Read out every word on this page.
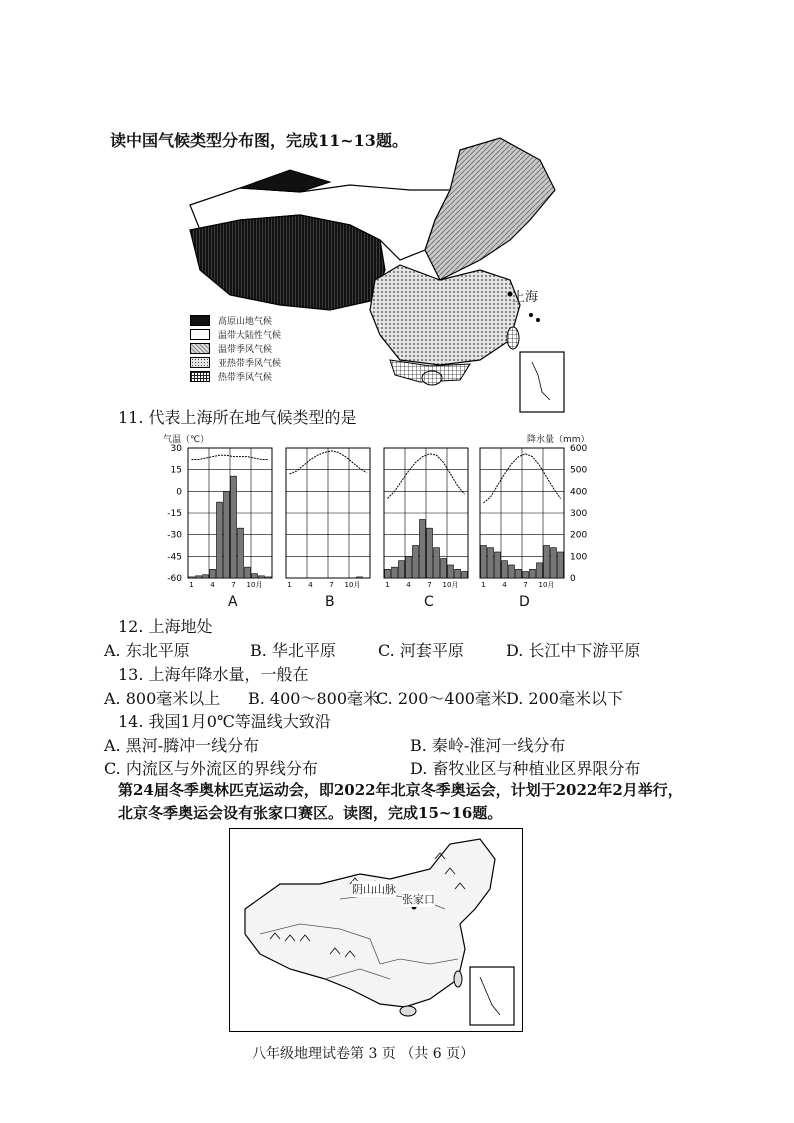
读中国气候类型分布图，完成11~13题。
上海
高原山地气候
温带大陆性气候
温带季风气候
亚热带季风气候
热带季风气候
11. 代表上海所在地气候类型的是
气温（℃）	降水量（mm）
30
15
0
-15
-30
-45
-60
600
500
400
300
200
100
0
1 4 7 10月	1 4 7 10月	1 4 7 10月	1 4 7 10月
A	B	C	D
12. 上海地处
A. 东北平原	B. 华北平原	C. 河套平原	D. 长江中下游平原
13. 上海年降水量，一般在
A. 800毫米以上 B. 400～800毫米
C. 200～400毫米 D. 200毫米以下
14. 我国1月0℃等温线大致沿
A. 黑河-腾冲一线分布	B. 秦岭-淮河一线分布
C. 内流区与外流区的界线分布	D. 畜牧业区与种植业区界限分布
第24届冬季奥林匹克运动会，即2022年北京冬季奥运会，计划于2022年2月举行，
北京冬季奥运会设有张家口赛区。读图，完成15~16题。
阴山山脉
张家口
八年级地理试卷第 3 页 （共 6 页）
